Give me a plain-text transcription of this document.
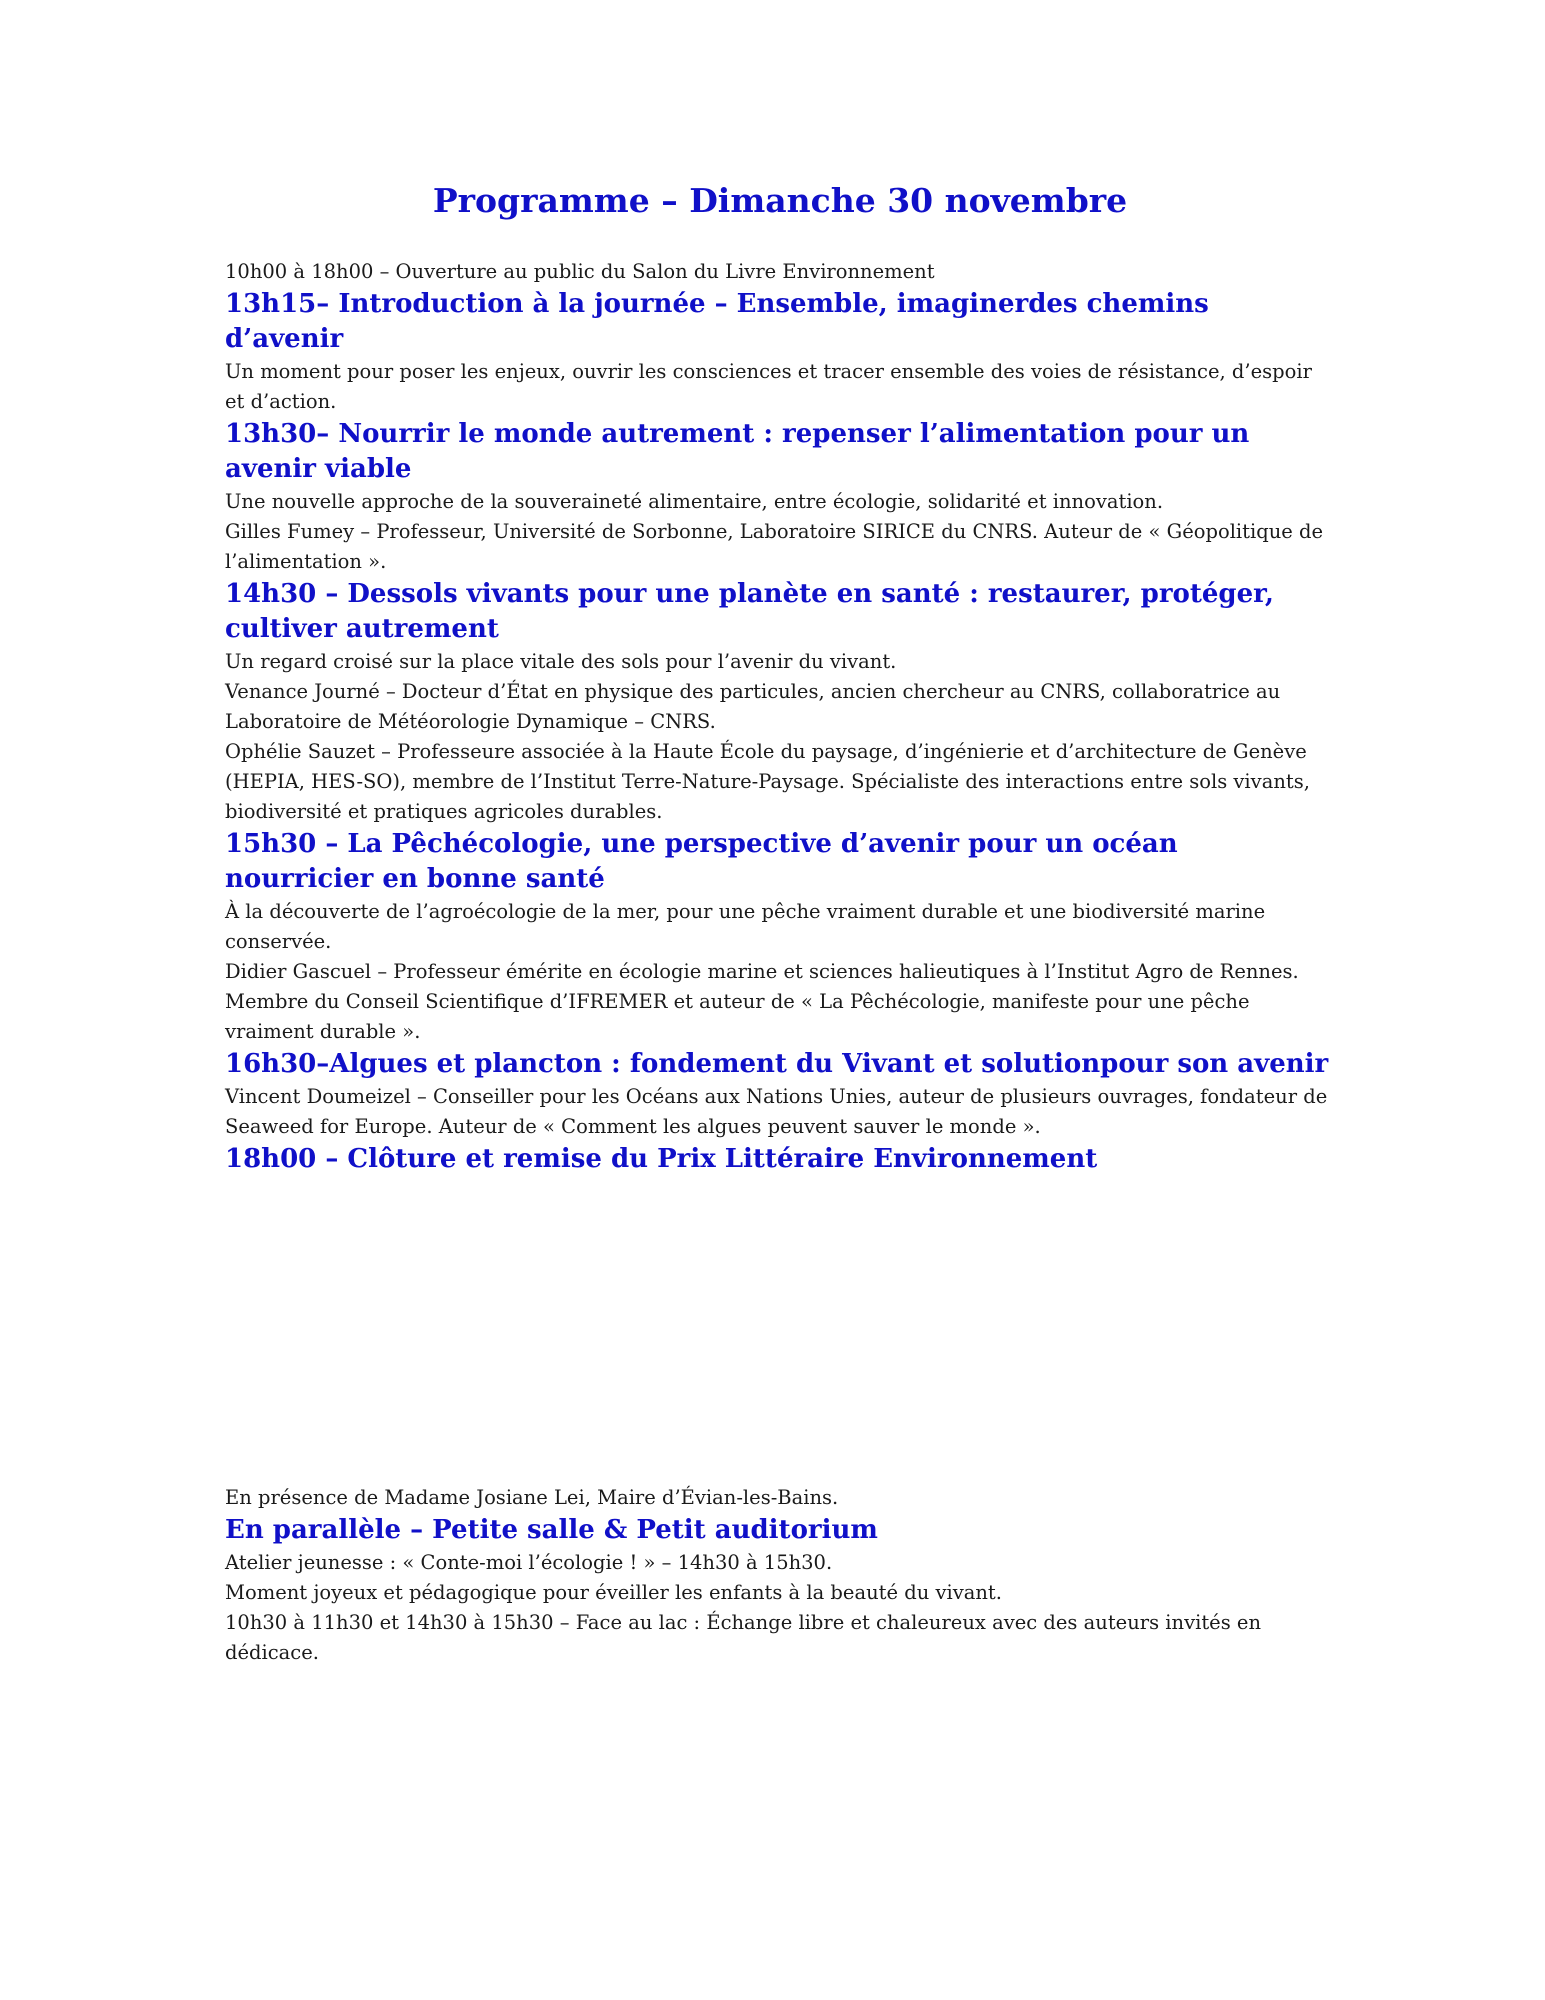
Programme – Dimanche 30 novembre

10h00 à 18h00 – Ouverture au public du Salon du Livre Environnement

13h15– Introduction à la journée – Ensemble, imaginerdes chemins d’avenir

Un moment pour poser les enjeux, ouvrir les consciences et tracer ensemble des voies de résistance, d’espoir et d’action.

13h30– Nourrir le monde autrement : repenser l’alimentation pour un avenir viable

Une nouvelle approche de la souveraineté alimentaire, entre écologie, solidarité et innovation.

Gilles Fumey – Professeur, Université de Sorbonne, Laboratoire SIRICE du CNRS. Auteur de « Géopolitique de l’alimentation ».

14h30 – Dessols vivants pour une planète en santé : restaurer, protéger, cultiver autrement

Un regard croisé sur la place vitale des sols pour l’avenir du vivant.

Venance Journé – Docteur d’État en physique des particules, ancien chercheur au CNRS, collaboratrice au Laboratoire de Météorologie Dynamique – CNRS.

Ophélie Sauzet – Professeure associée à la Haute École du paysage, d’ingénierie et d’architecture de Genève (HEPIA, HES-SO), membre de l’Institut Terre-Nature-Paysage. Spécialiste des interactions entre sols vivants, biodiversité et pratiques agricoles durables.

15h30 – La Pêchécologie, une perspective d’avenir pour un océan nourricier en bonne santé

À la découverte de l’agroécologie de la mer, pour une pêche vraiment durable et une biodiversité marine conservée.

Didier Gascuel – Professeur émérite en écologie marine et sciences halieutiques à l’Institut Agro de Rennes. Membre du Conseil Scientifique d’IFREMER et auteur de « La Pêchécologie, manifeste pour une pêche vraiment durable ».

16h30–Algues et plancton : fondement du Vivant et solutionpour son avenir

Vincent Doumeizel – Conseiller pour les Océans aux Nations Unies, auteur de plusieurs ouvrages, fondateur de Seaweed for Europe. Auteur de « Comment les algues peuvent sauver le monde ».

18h00 – Clôture et remise du Prix Littéraire Environnement

En présence de Madame Josiane Lei, Maire d’Évian-les-Bains.

En parallèle – Petite salle & Petit auditorium

Atelier jeunesse : « Conte-moi l’écologie ! » – 14h30 à 15h30.

Moment joyeux et pédagogique pour éveiller les enfants à la beauté du vivant.

10h30 à 11h30 et 14h30 à 15h30 – Face au lac : Échange libre et chaleureux avec des auteurs invités en dédicace.
